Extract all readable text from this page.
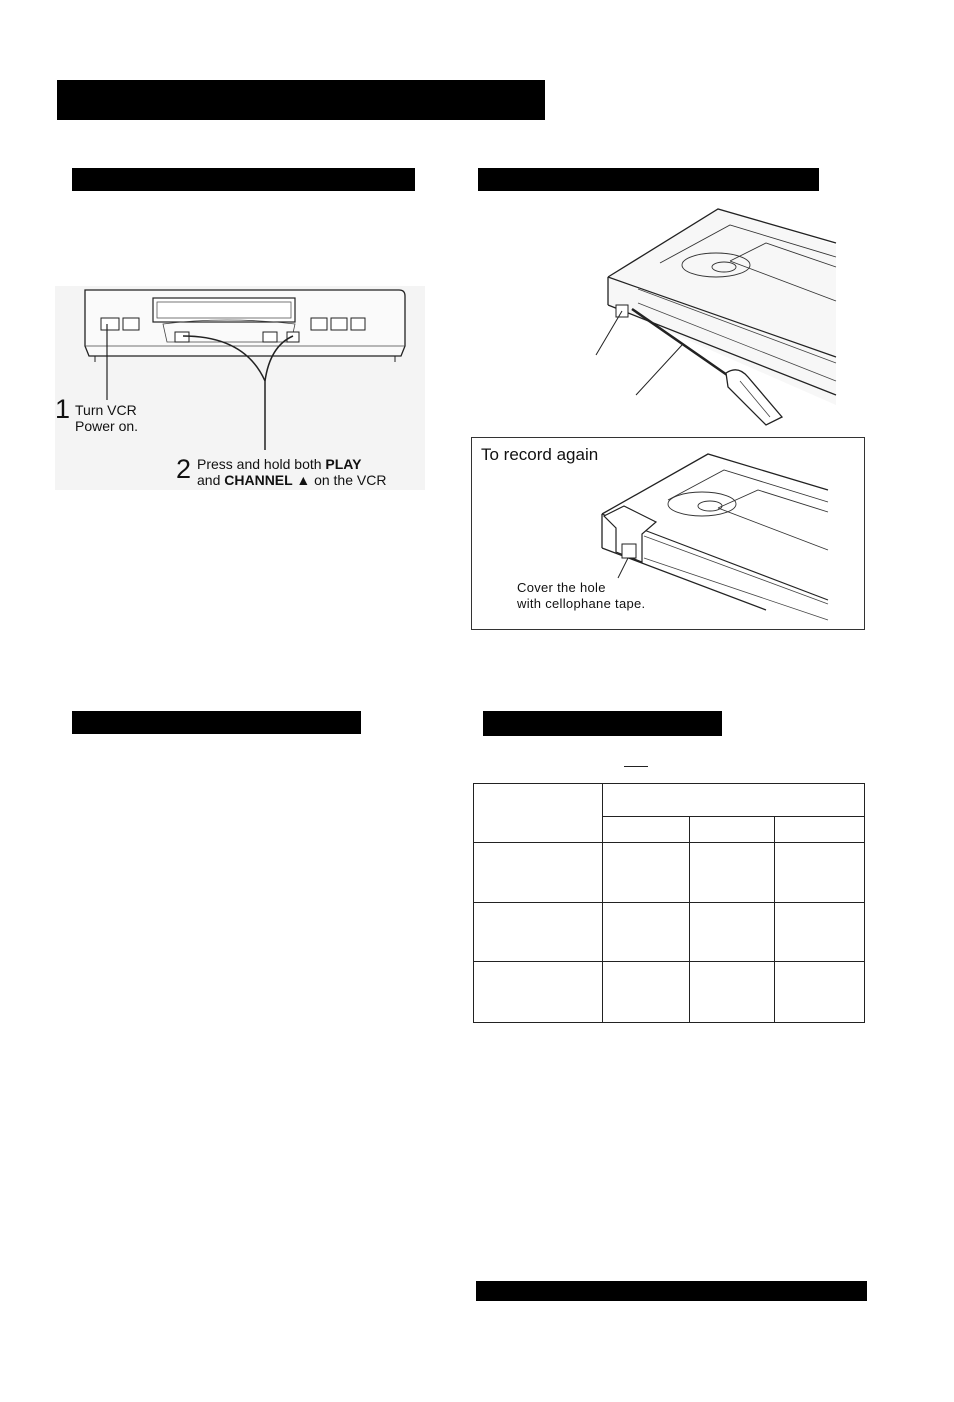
1 Turn VCR
Power on.
2 Press and hold both PLAY
and CHANNEL ▲ on the VCR
To record again
Cover the hole
with cellophane tape.
